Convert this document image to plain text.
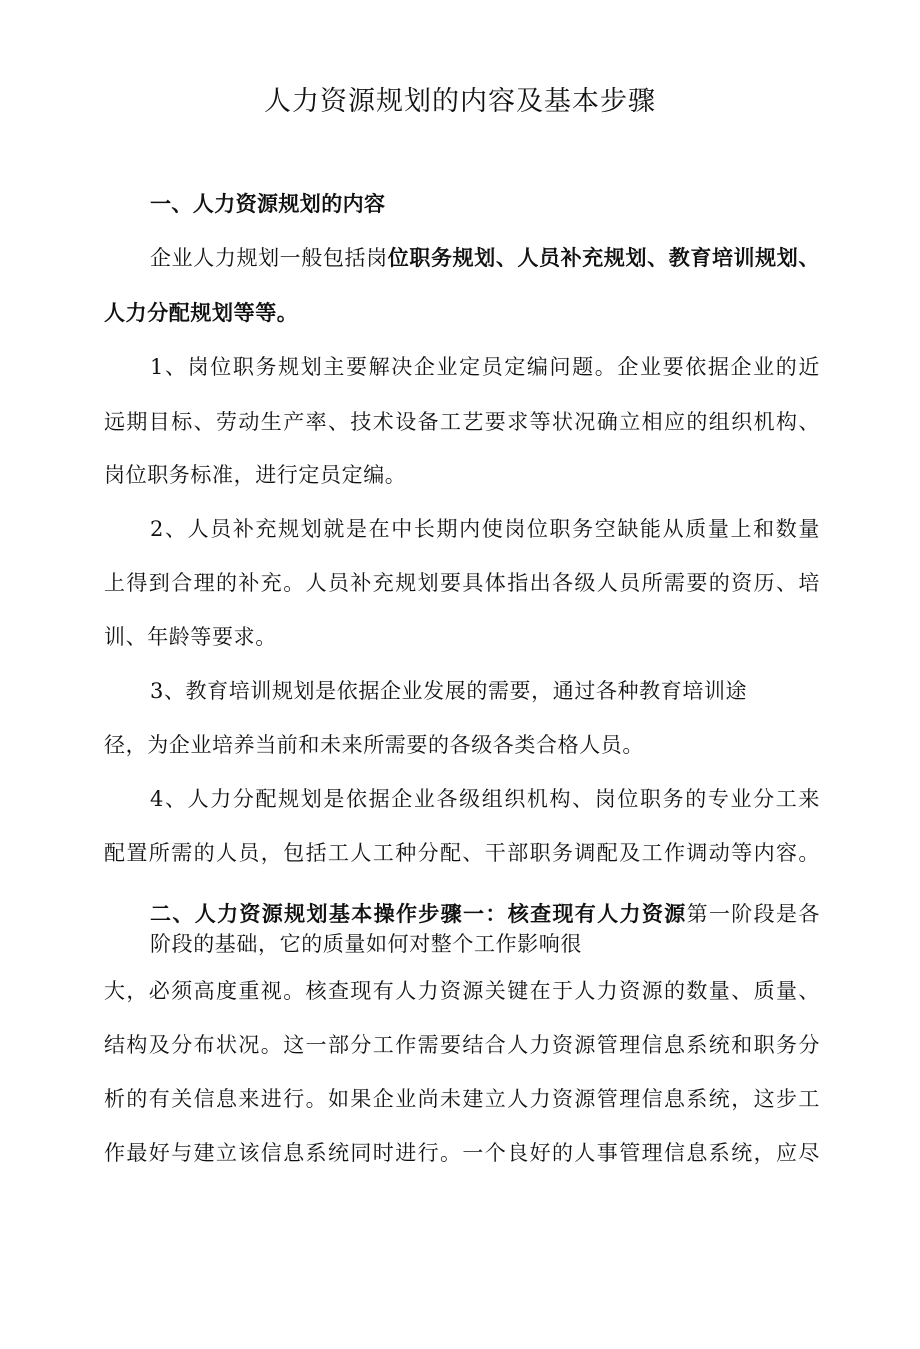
人力资源规划的内容及基本步骤
一、人力资源规划的内容
企业人力规划一般包括岗位职务规划、人员补充规划、教育培训规划、
人力分配规划等等。
1、岗位职务规划主要解决企业定员定编问题。企业要依据企业的近
远期目标、劳动生产率、技术设备工艺要求等状况确立相应的组织机构、
岗位职务标准，进行定员定编。
2、人员补充规划就是在中长期内使岗位职务空缺能从质量上和数量
上得到合理的补充。人员补充规划要具体指出各级人员所需要的资历、培
训、年龄等要求。
3、教育培训规划是依据企业发展的需要，通过各种教育培训途
径，为企业培养当前和未来所需要的各级各类合格人员。
4、人力分配规划是依据企业各级组织机构、岗位职务的专业分工来
配置所需的人员，包括工人工种分配、干部职务调配及工作调动等内容。
二、人力资源规划基本操作步骤一：核查现有人力资源第一阶段是各
阶段的基础，它的质量如何对整个工作影响很
大，必须高度重视。核查现有人力资源关键在于人力资源的数量、质量、
结构及分布状况。这一部分工作需要结合人力资源管理信息系统和职务分
析的有关信息来进行。如果企业尚未建立人力资源管理信息系统，这步工
作最好与建立该信息系统同时进行。一个良好的人事管理信息系统，应尽
